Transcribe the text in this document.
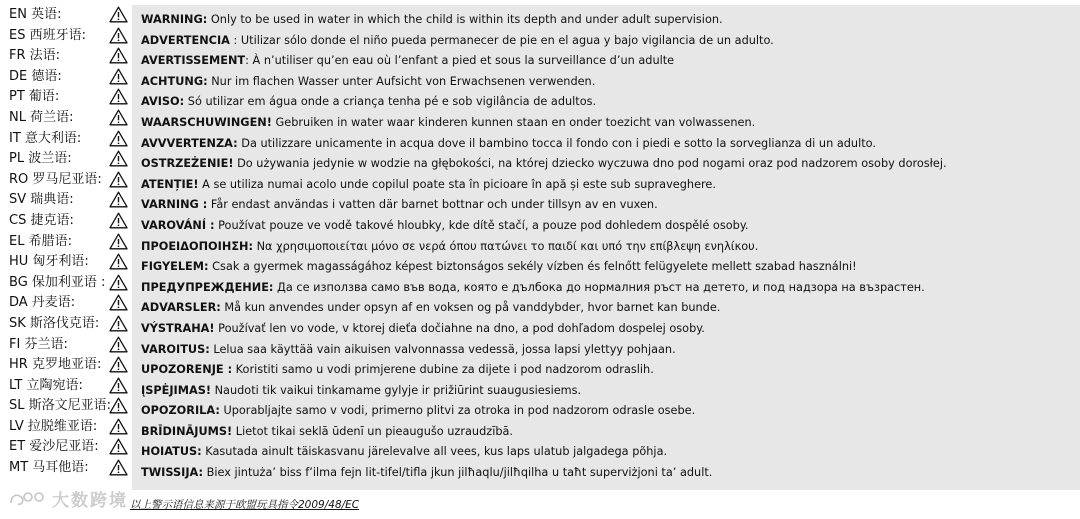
EN 英语:
ES 西班牙语:
FR 法语:
DE 德语:
PT 葡语:
NL 荷兰语:
IT 意大利语:
PL 波兰语:
RO 罗马尼亚语:
SV 瑞典语:
CS 捷克语:
EL 希腊语:
HU 匈牙利语:
BG 保加利亚语 :
DA 丹麦语:
SK 斯洛伐克语:
FI 芬兰语:
HR 克罗地亚语:
LT 立陶宛语:
SL 斯洛文尼亚语:
LV 拉脱维亚语:
ET 爱沙尼亚语:
MT 马耳他语:
WARNING: Only to be used in water in which the child is within its depth and under adult supervision.
ADVERTENCIA : Utilizar sólo donde el niño pueda permanecer de pie en el agua y bajo vigilancia de un adulto.
AVERTISSEMENT: À n’utiliser qu’en eau où l’enfant a pied et sous la surveillance d’un adulte
ACHTUNG: Nur im flachen Wasser unter Aufsicht von Erwachsenen verwenden.
AVISO: Só utilizar em água onde a criança tenha pé e sob vigilância de adultos.
WAARSCHUWINGEN! Gebruiken in water waar kinderen kunnen staan en onder toezicht van volwassenen.
AVVVERTENZA: Da utilizzare unicamente in acqua dove il bambino tocca il fondo con i piedi e sotto la sorveglianza di un adulto.
OSTRZEŻENIE! Do używania jedynie w wodzie na głębokości, na której dziecko wyczuwa dno pod nogami oraz pod nadzorem osoby dorosłej.
ATENȚIE! A se utiliza numai acolo unde copilul poate sta în picioare în apă și este sub supraveghere.
VARNING : Får endast användas i vatten där barnet bottnar och under tillsyn av en vuxen.
VAROVÁNÍ : Používat pouze ve vodě takové hloubky, kde dítě stačí, a pouze pod dohledem dospělé osoby.
ΠΡΟΕΙΔΟΠΟΙΗΣΗ: Να χρησιμοποιείται μόνο σε νερά όπου πατώνει το παιδί και υπό την επίβλεψη ενηλίκου.
FIGYELEM: Csak a gyermek magasságához képest biztonságos sekély vízben és felnőtt felügyelete mellett szabad használni!
ПРЕДУПРЕЖДЕНИЕ: Да се използва само във вода, която е дълбока до нормалния ръст на детето, и под надзора на възрастен.
ADVARSLER: Må kun anvendes under opsyn af en voksen og på vanddybder, hvor barnet kan bunde.
VÝSTRAHA! Používať len vo vode, v ktorej dieťa dočiahne na dno, a pod dohľadom dospelej osoby.
VAROITUS: Lelua saa käyttää vain aikuisen valvonnassa vedessä, jossa lapsi ylettyy pohjaan.
UPOZORENJE : Koristiti samo u vodi primjerene dubine za dijete i pod nadzorom odraslih.
ĮSPĖJIMAS! Naudoti tik vaikui tinkamame gylyje ir prižiūrint suaugusiesiems.
OPOZORILA: Uporabljajte samo v vodi, primerno plitvi za otroka in pod nadzorom odrasle osebe.
BRĪDINĀJUMS! Lietot tikai seklā ūdenī un pieaugušo uzraudzībā.
HOIATUS: Kasutada ainult täiskasvanu järelevalve all vees, kus laps ulatub jalgadega põhja.
TWISSIJA: Biex jintuża’ biss f’ilma fejn lit-tifel/tifla jkun jilħaqlu/jilħqilha u taħt superviżjoni ta’ adult.
大数跨境 以上警示语信息来源于欧盟玩具指令2009/48/EC
